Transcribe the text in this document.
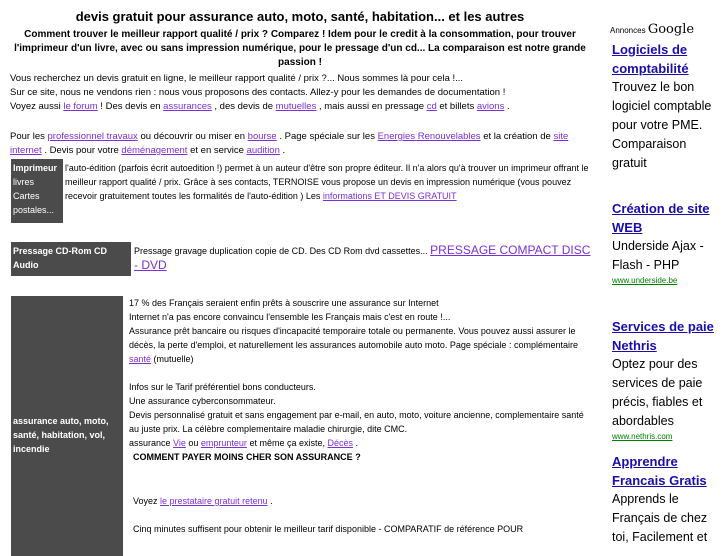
devis gratuit pour assurance auto, moto, santé, habitation... et les autres
Comment trouver le meilleur rapport qualité / prix ? Comparez ! Idem pour le credit à la consommation, pour trouver l'imprimeur d'un livre, avec ou sans impression numérique, pour le pressage d'un cd... La comparaison est notre grande passion !
Vous recherchez un devis gratuit en ligne, le meilleur rapport qualité / prix ?... Nous sommes là pour cela !...
Sur ce site, nous ne vendons rien : nous vous proposons des contacts. Allez-y pour les demandes de documentation !
Voyez aussi le forum ! Des devis en assurances , des devis de mutuelles , mais aussi en pressage cd et billets avions .
Pour les professionnel travaux ou découvrir ou miser en bourse . Page spéciale sur les Energies Renouvelables et la création de site internet . Devis pour votre déménagement et en service audition .
Imprimeur
livres Cartes postales...
l'auto-édition (parfois écrit autoedition !) permet à un auteur d'être son propre éditeur. Il n'a alors qu'à trouver un imprimeur offrant le meilleur rapport qualité / prix. Grâce à ses contacts, TERNOISE vous propose un devis en impression numérique (vous pouvez recevoir gratuitement toutes les formalités de l'auto-édition ) Les informations ET DEVIS GRATUIT
Pressage CD-Rom CD Audio
Pressage gravage duplication copie de CD. Des CD Rom dvd cassettes... PRESSAGE COMPACT DISC - DVD
assurance auto, moto, santé, habitation, vol, incendie
17 % des Français seraient enfin prêts à souscrire une assurance sur Internet
Internet n'a pas encore convaincu l'ensemble les Français mais c'est en route !...
Assurance prêt bancaire ou risques d'incapacité temporaire totale ou permanente. Vous pouvez aussi assurer le décès, la perte d'emploi, et naturellement les assurances automobile auto moto. Page spéciale : complémentaire santé (mutuelle)
Infos sur le Tarif préférentiel bons conducteurs.
Une assurance cyberconsommateur.
Devis personnalisé gratuit et sans engagement par e-mail, en auto, moto, voiture ancienne, complementaire santé au juste prix. La célèbre complementaire maladie chirurgie, dite CMC.
assurance Vie ou emprunteur et même ça existe, Décès .
COMMENT PAYER MOINS CHER SON ASSURANCE ?
Voyez le prestataire gratuit retenu .
Cinq minutes suffisent pour obtenir le meilleur tarif disponible - COMPARATIF de référence POUR
Annonces Google
Logiciels de comptabilité
Trouvez le bon logiciel comptable pour votre PME. Comparaison gratuit
Création de site WEB
Underside Ajax - Flash - PHP
www.underside.be
Services de paie Nethris
Optez pour des services de paie précis, fiables et abordables
www.nethris.com
Apprendre Francais Gratis
Apprends le Français de chez toi, Facilement et
